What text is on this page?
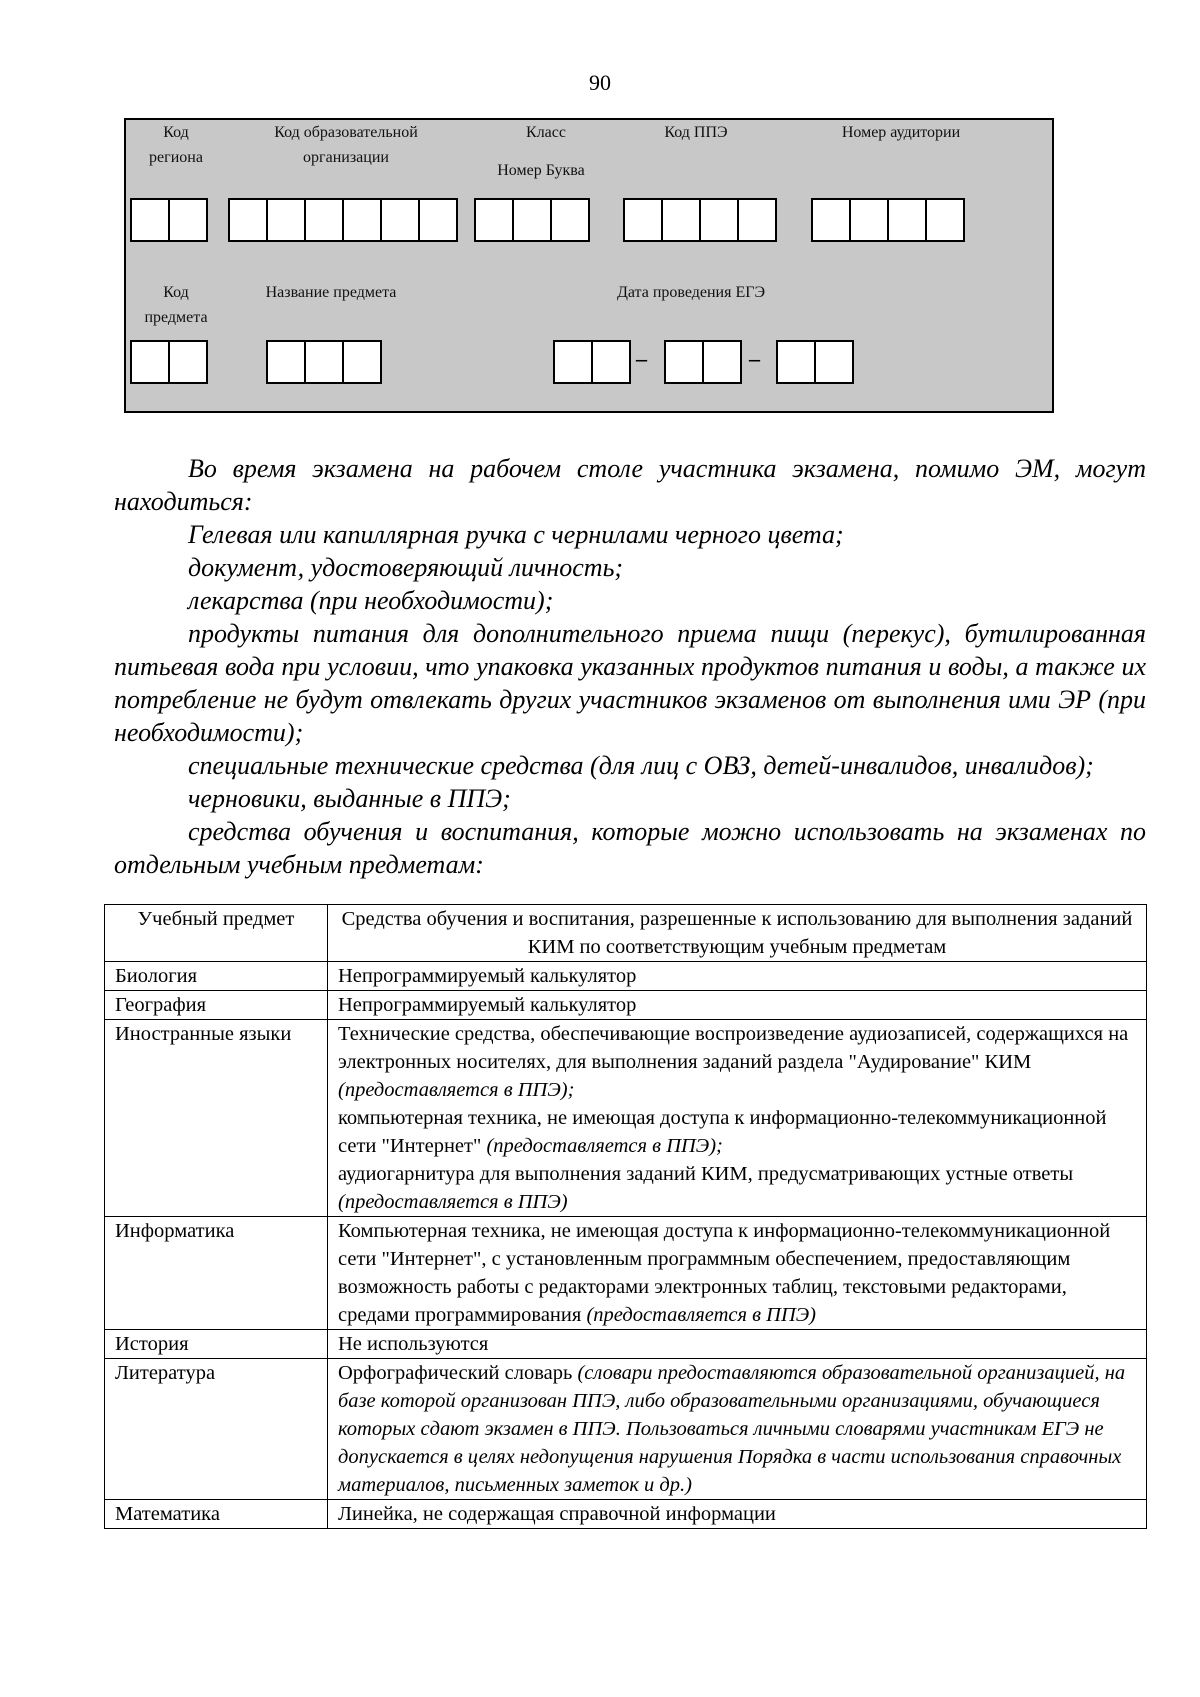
90
Код
региона
Код образовательной
организации
Класс
Номер Буква
Код ППЭ	Номер аудитории
Код
предмета
Название предмета	Дата проведения ЕГЭ
–	–

Во время экзамена на рабочем столе участника экзамена, помимо ЭМ, могут находиться:

Гелевая или капиллярная ручка с чернилами черного цвета;

документ, удостоверяющий личность;

лекарства (при необходимости);

продукты питания для дополнительного приема пищи (перекус), бутилированная питьевая вода при условии, что упаковка указанных продуктов питания и воды, а также их потребление не будут отвлекать других участников экзаменов от выполнения ими ЭР (при необходимости);

специальные технические средства (для лиц с ОВЗ, детей-инвалидов, инвалидов);

черновики, выданные в ППЭ;

средства обучения и воспитания, которые можно использовать на экзаменах по отдельным учебным предметам:

Учебный предмет	Средства обучения и воспитания, разрешенные к использованию для выполнения заданий КИМ по соответствующим учебным предметам
Биология	Непрограммируемый калькулятор
География	Непрограммируемый калькулятор
Иностранные языки	Технические средства, обеспечивающие воспроизведение аудиозаписей, содержащихся на электронных носителях, для выполнения заданий раздела "Аудирование" КИМ (предоставляется в ППЭ);
компьютерная техника, не имеющая доступа к информационно-телекоммуникационной сети "Интернет" (предоставляется в ППЭ);
аудиогарнитура для выполнения заданий КИМ, предусматривающих устные ответы (предоставляется в ППЭ)
Информатика	Компьютерная техника, не имеющая доступа к информационно-телекоммуникационной сети "Интернет", с установленным программным обеспечением, предоставляющим возможность работы с редакторами электронных таблиц, текстовыми редакторами, средами программирования (предоставляется в ППЭ)
История	Не используются
Литература	Орфографический словарь (словари предоставляются образовательной организацией, на базе которой организован ППЭ, либо образовательными организациями, обучающиеся которых сдают экзамен в ППЭ. Пользоваться личными словарями участникам ЕГЭ не допускается в целях недопущения нарушения Порядка в части использования справочных материалов, письменных заметок и др.)
Математика	Линейка, не содержащая справочной информации
